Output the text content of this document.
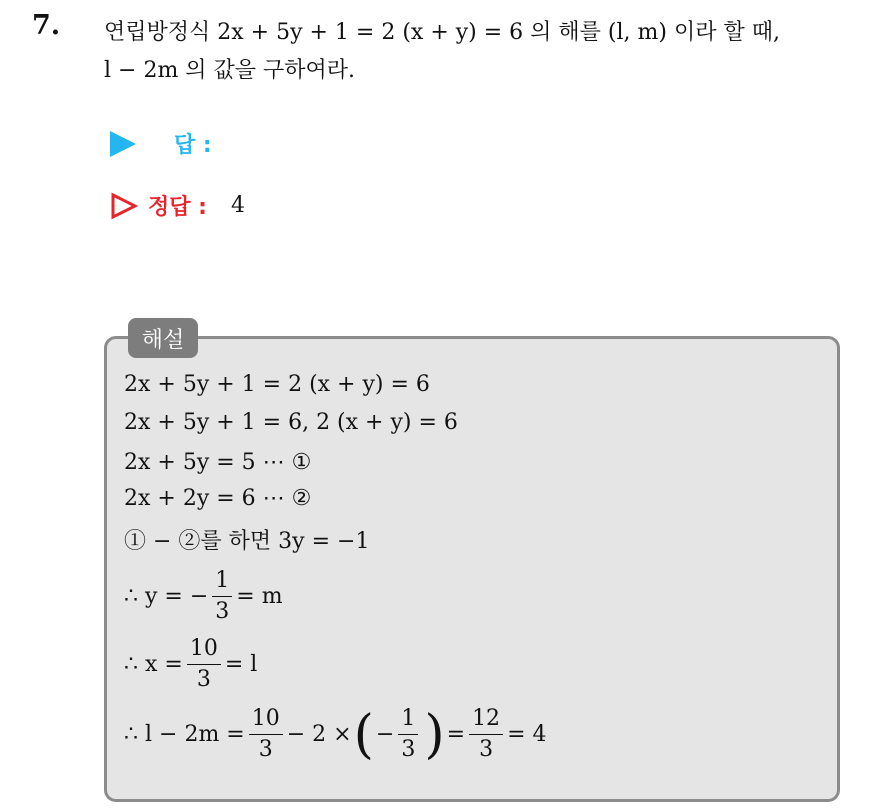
7. 연립방정식 2x + 5y + 1 = 2 (x + y) = 6 의 해를 (l, m) 이라 할 때,
l − 2m 의 값을 구하여라.
답 :
정답 : 4
해설
2x + 5y + 1 = 2 (x + y) = 6
2x + 5y + 1 = 6, 2 (x + y) = 6
2x + 5y = 5 ⋯ ①
2x + 2y = 6 ⋯ ②
① − ②를 하면 3y = −1
∴ y = − $\frac{1}{3} = m$
∴ $x = \frac{10}{3} = l$
∴ $l - 2m = \frac{10}{3} - 2$ × ( − $\frac{1}{3}$ ) = $\frac{12}{3} = 4$
